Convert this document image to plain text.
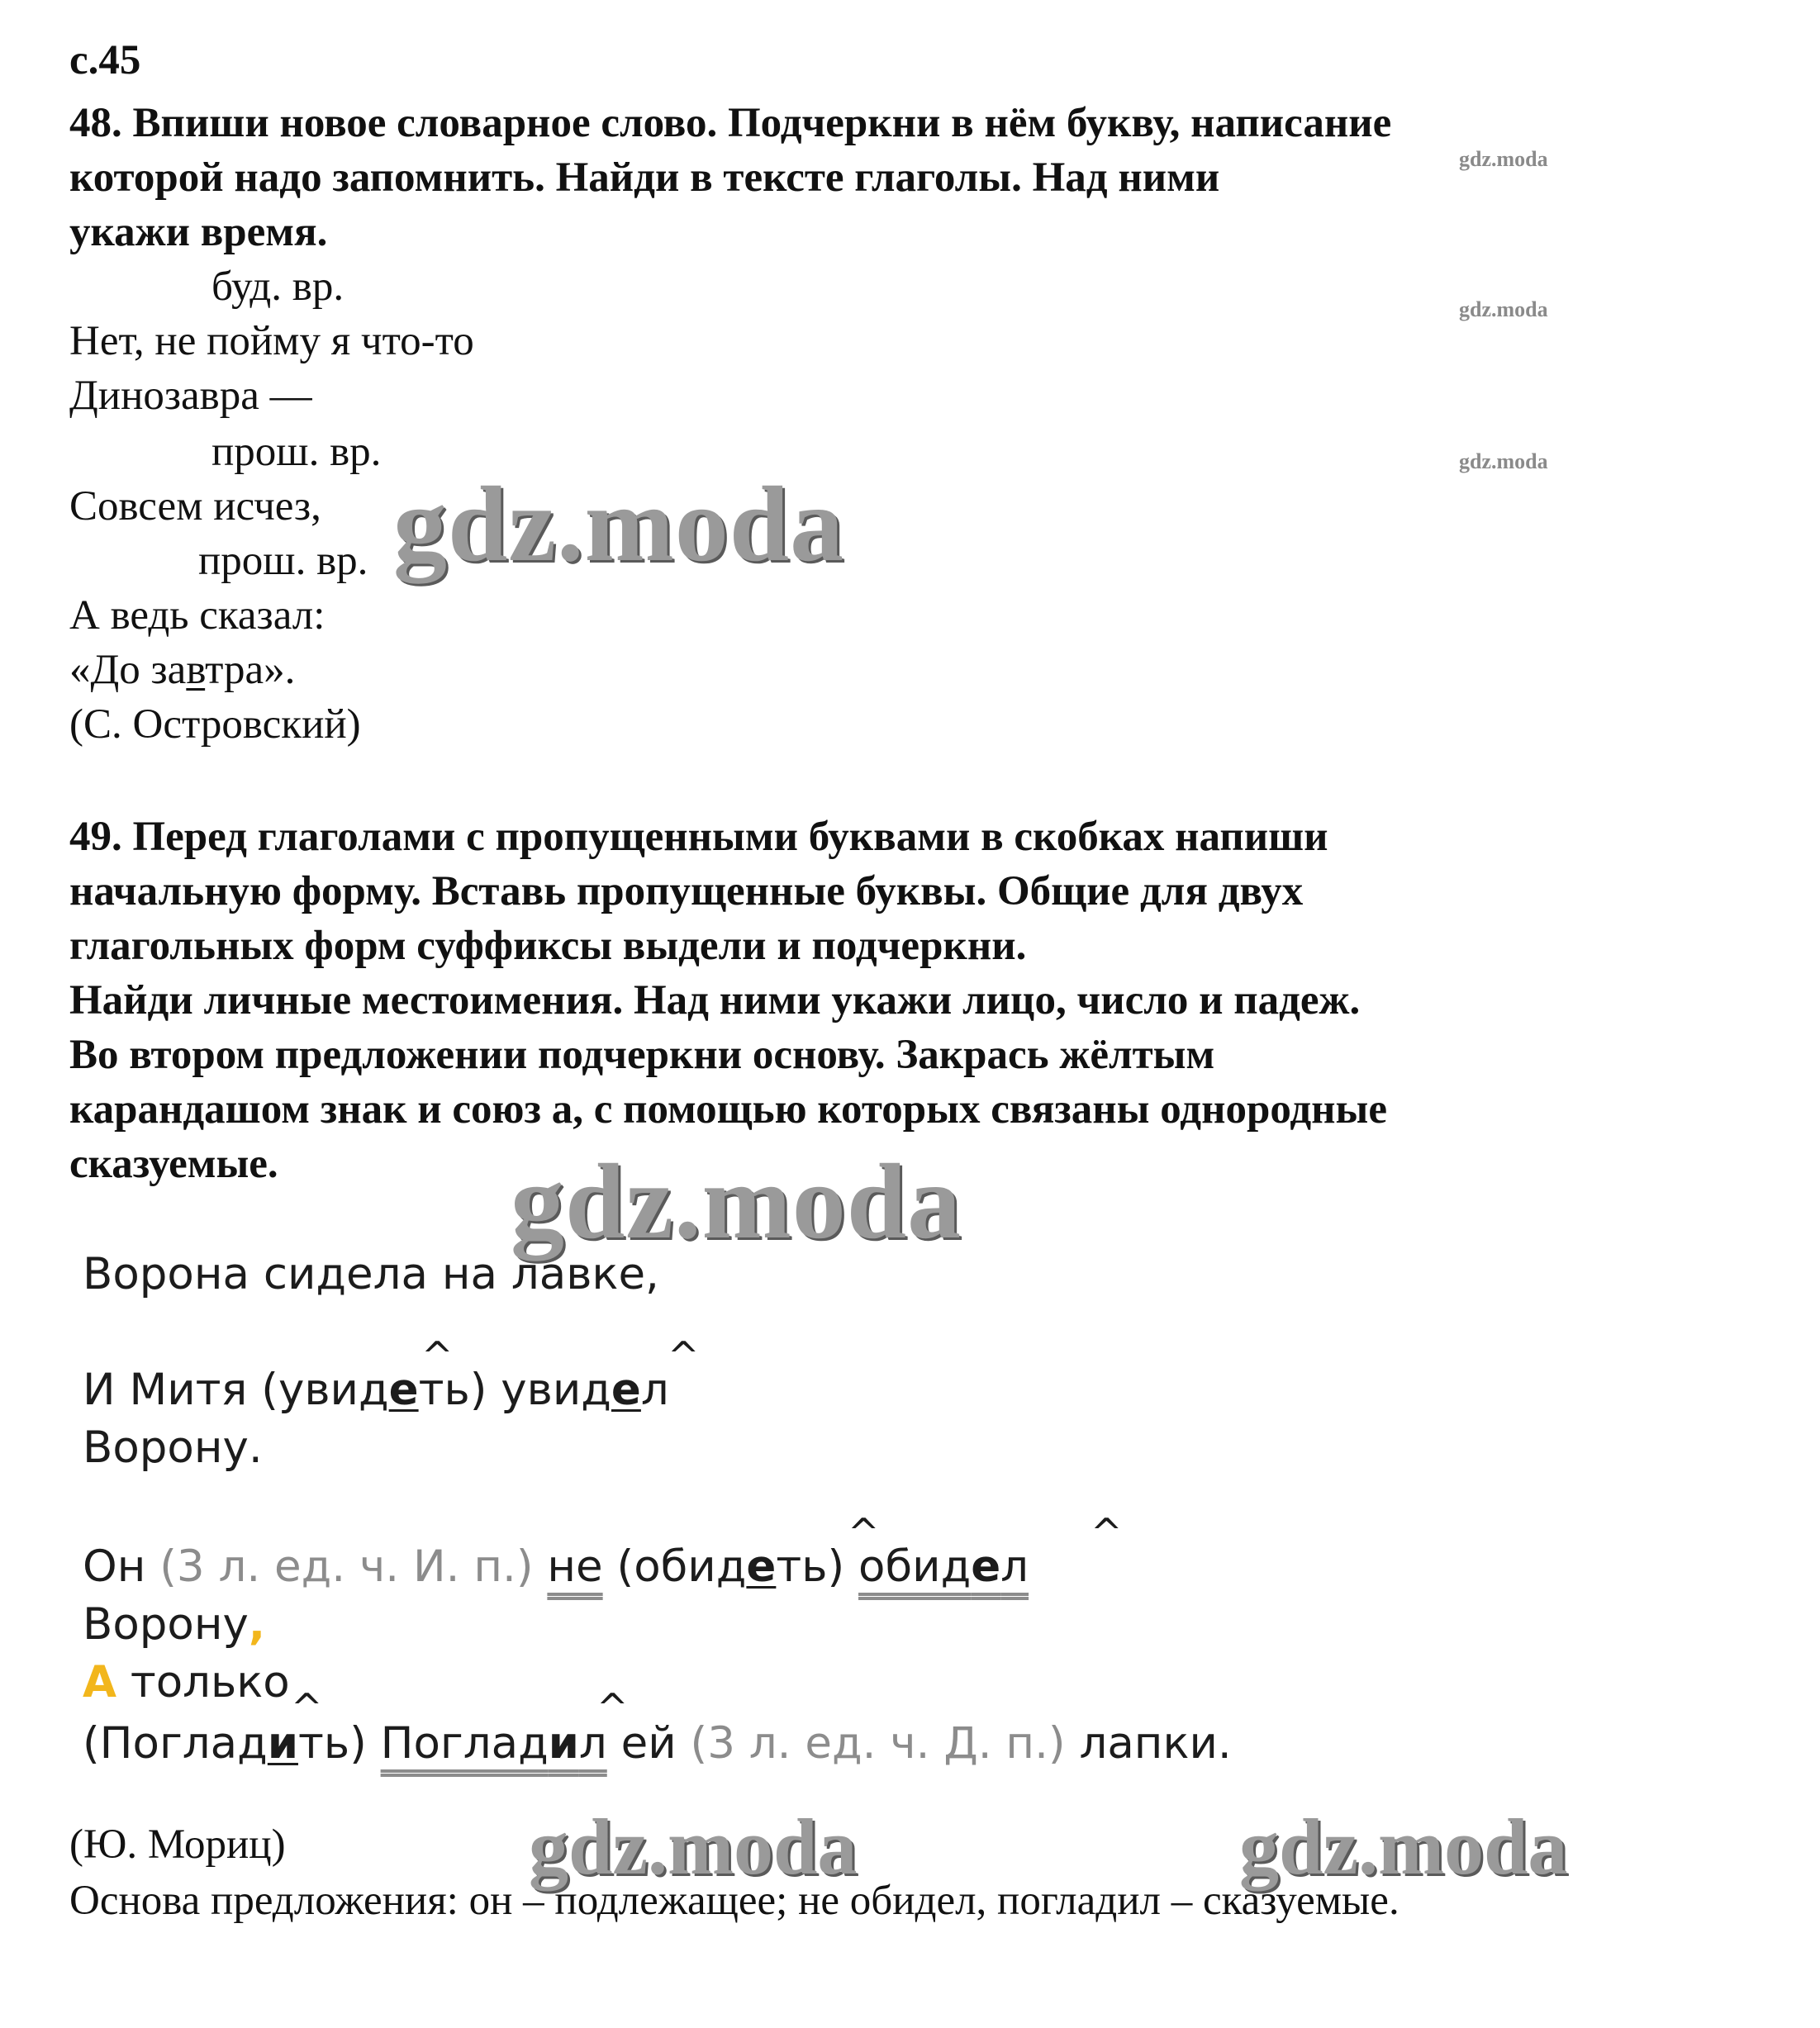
с.45
48. Впиши новое словарное слово. Подчеркни в нём букву, написание
которой надо запомнить. Найди в тексте глаголы. Над ними
укажи время.
буд. вр.
Нет, не пойму я что-то
Динозавра —
прош. вр.
Совсем исчез,
прош. вр.
А ведь сказал:
«До завтра».
(С. Островский)
49. Перед глаголами с пропущенными буквами в скобках напиши
начальную форму. Вставь пропущенные буквы. Общие для двух
глагольных форм суффиксы выдели и подчеркни.
Найди личные местоимения. Над ними укажи лицо, число и падеж.
Во втором предложении подчеркни основу. Закрась жёлтым
карандашом знак и союз а, с помощью которых связаны однородные
сказуемые.
Ворона сидела на лавке,
^	^
И Митя (увидеть) увидел
Ворону.
^	^
Он (3 л. ед. ч. И. п.) не (обидеть) обидел
Ворону,
А только ^	^
(Погладить) Погладил ей (3 л. ед. ч. Д. п.) лапки.
(Ю. Мориц)
Основа предложения: он – подлежащее; не обидел, погладил – сказуемые.
gdz.moda
gdz.moda
gdz.moda
gdz.moda
gdz.moda
gdz.moda	gdz.moda
